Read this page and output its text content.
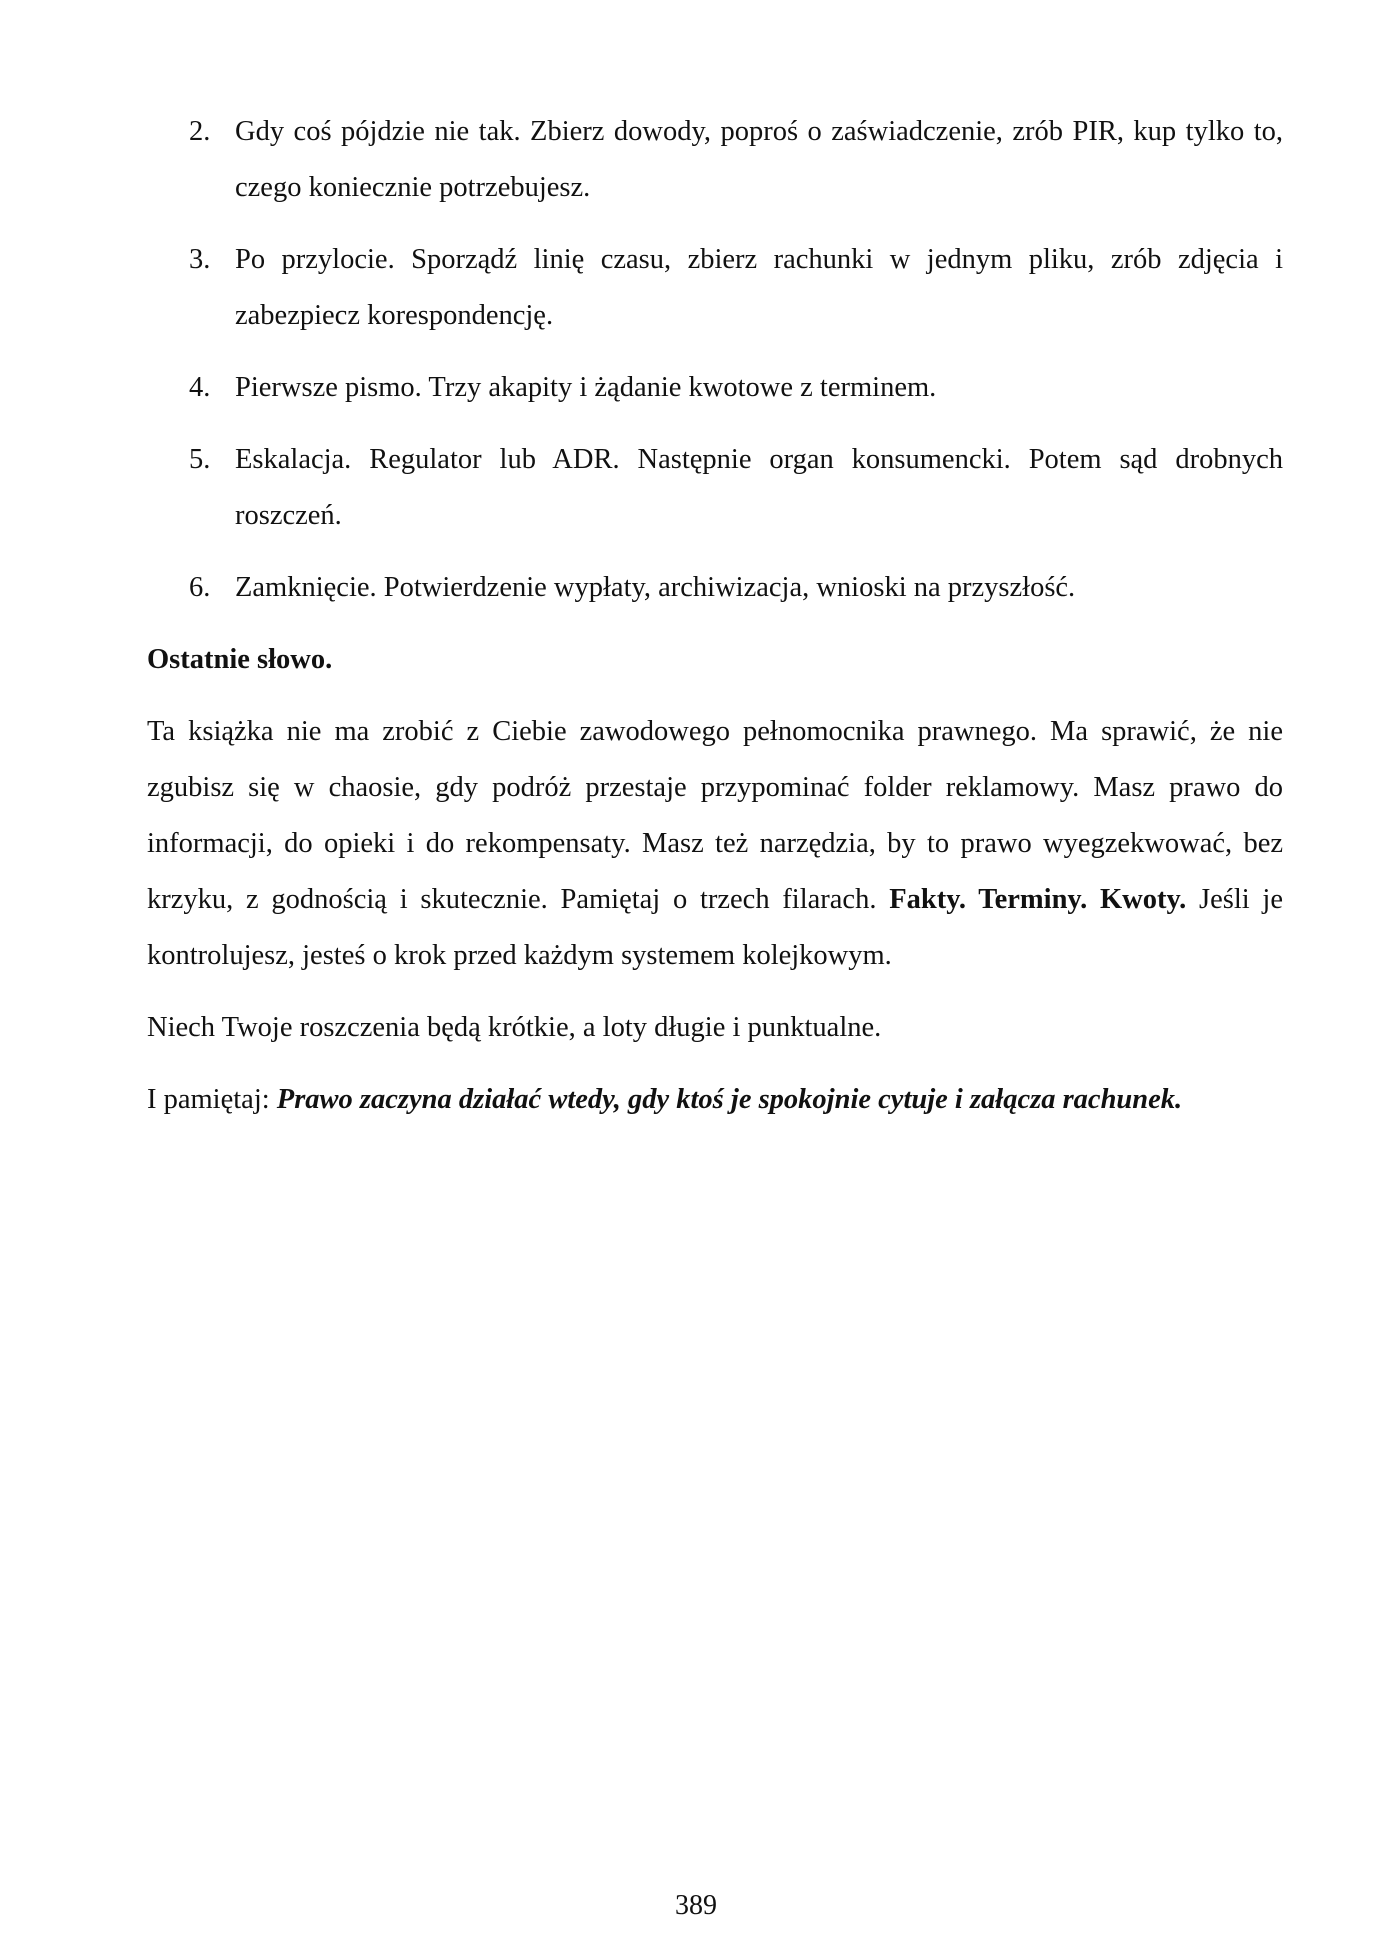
2. Gdy coś pójdzie nie tak. Zbierz dowody, poproś o zaświadczenie, zrób PIR, kup tylko to, czego koniecznie potrzebujesz.
3. Po przylocie. Sporządź linię czasu, zbierz rachunki w jednym pliku, zrób zdjęcia i zabezpiecz korespondencję.
4. Pierwsze pismo. Trzy akapity i żądanie kwotowe z terminem.
5. Eskalacja. Regulator lub ADR. Następnie organ konsumencki. Potem sąd drobnych roszczeń.
6. Zamknięcie. Potwierdzenie wypłaty, archiwizacja, wnioski na przyszłość.

Ostatnie słowo.

Ta książka nie ma zrobić z Ciebie zawodowego pełnomocnika prawnego. Ma sprawić, że nie zgubisz się w chaosie, gdy podróż przestaje przypominać folder reklamowy. Masz prawo do informacji, do opieki i do rekompensaty. Masz też narzędzia, by to prawo wyegzekwować, bez krzyku, z godnością i skutecznie. Pamiętaj o trzech filarach. Fakty. Terminy. Kwoty. Jeśli je kontrolujesz, jesteś o krok przed każdym systemem kolejkowym.

Niech Twoje roszczenia będą krótkie, a loty długie i punktualne.

I pamiętaj: Prawo zaczyna działać wtedy, gdy ktoś je spokojnie cytuje i załącza rachunek.

389
